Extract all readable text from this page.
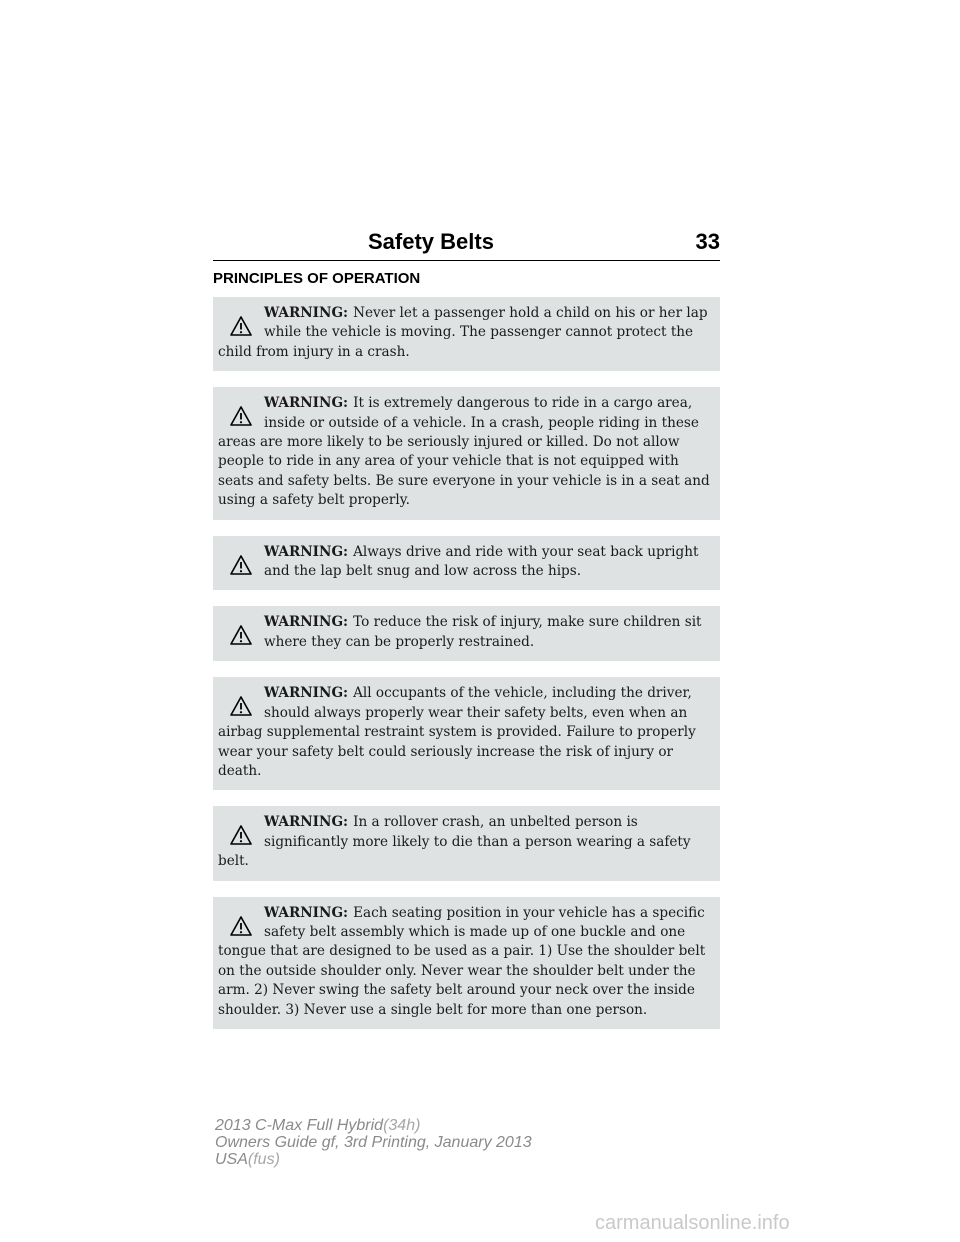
Safety Belts	33
PRINCIPLES OF OPERATION
WARNING: Never let a passenger hold a child on his or her lap while the vehicle is moving. The passenger cannot protect the child from injury in a crash.
WARNING: It is extremely dangerous to ride in a cargo area, inside or outside of a vehicle. In a crash, people riding in these areas are more likely to be seriously injured or killed. Do not allow people to ride in any area of your vehicle that is not equipped with seats and safety belts. Be sure everyone in your vehicle is in a seat and using a safety belt properly.
WARNING: Always drive and ride with your seat back upright and the lap belt snug and low across the hips.
WARNING: To reduce the risk of injury, make sure children sit where they can be properly restrained.
WARNING: All occupants of the vehicle, including the driver, should always properly wear their safety belts, even when an airbag supplemental restraint system is provided. Failure to properly wear your safety belt could seriously increase the risk of injury or death.
WARNING: In a rollover crash, an unbelted person is significantly more likely to die than a person wearing a safety belt.
WARNING: Each seating position in your vehicle has a specific safety belt assembly which is made up of one buckle and one tongue that are designed to be used as a pair. 1) Use the shoulder belt on the outside shoulder only. Never wear the shoulder belt under the arm. 2) Never swing the safety belt around your neck over the inside shoulder. 3) Never use a single belt for more than one person.
2013 C-Max Full Hybrid(34h)
Owners Guide gf, 3rd Printing, January 2013
USA(fus)
carmanualsonline.info
